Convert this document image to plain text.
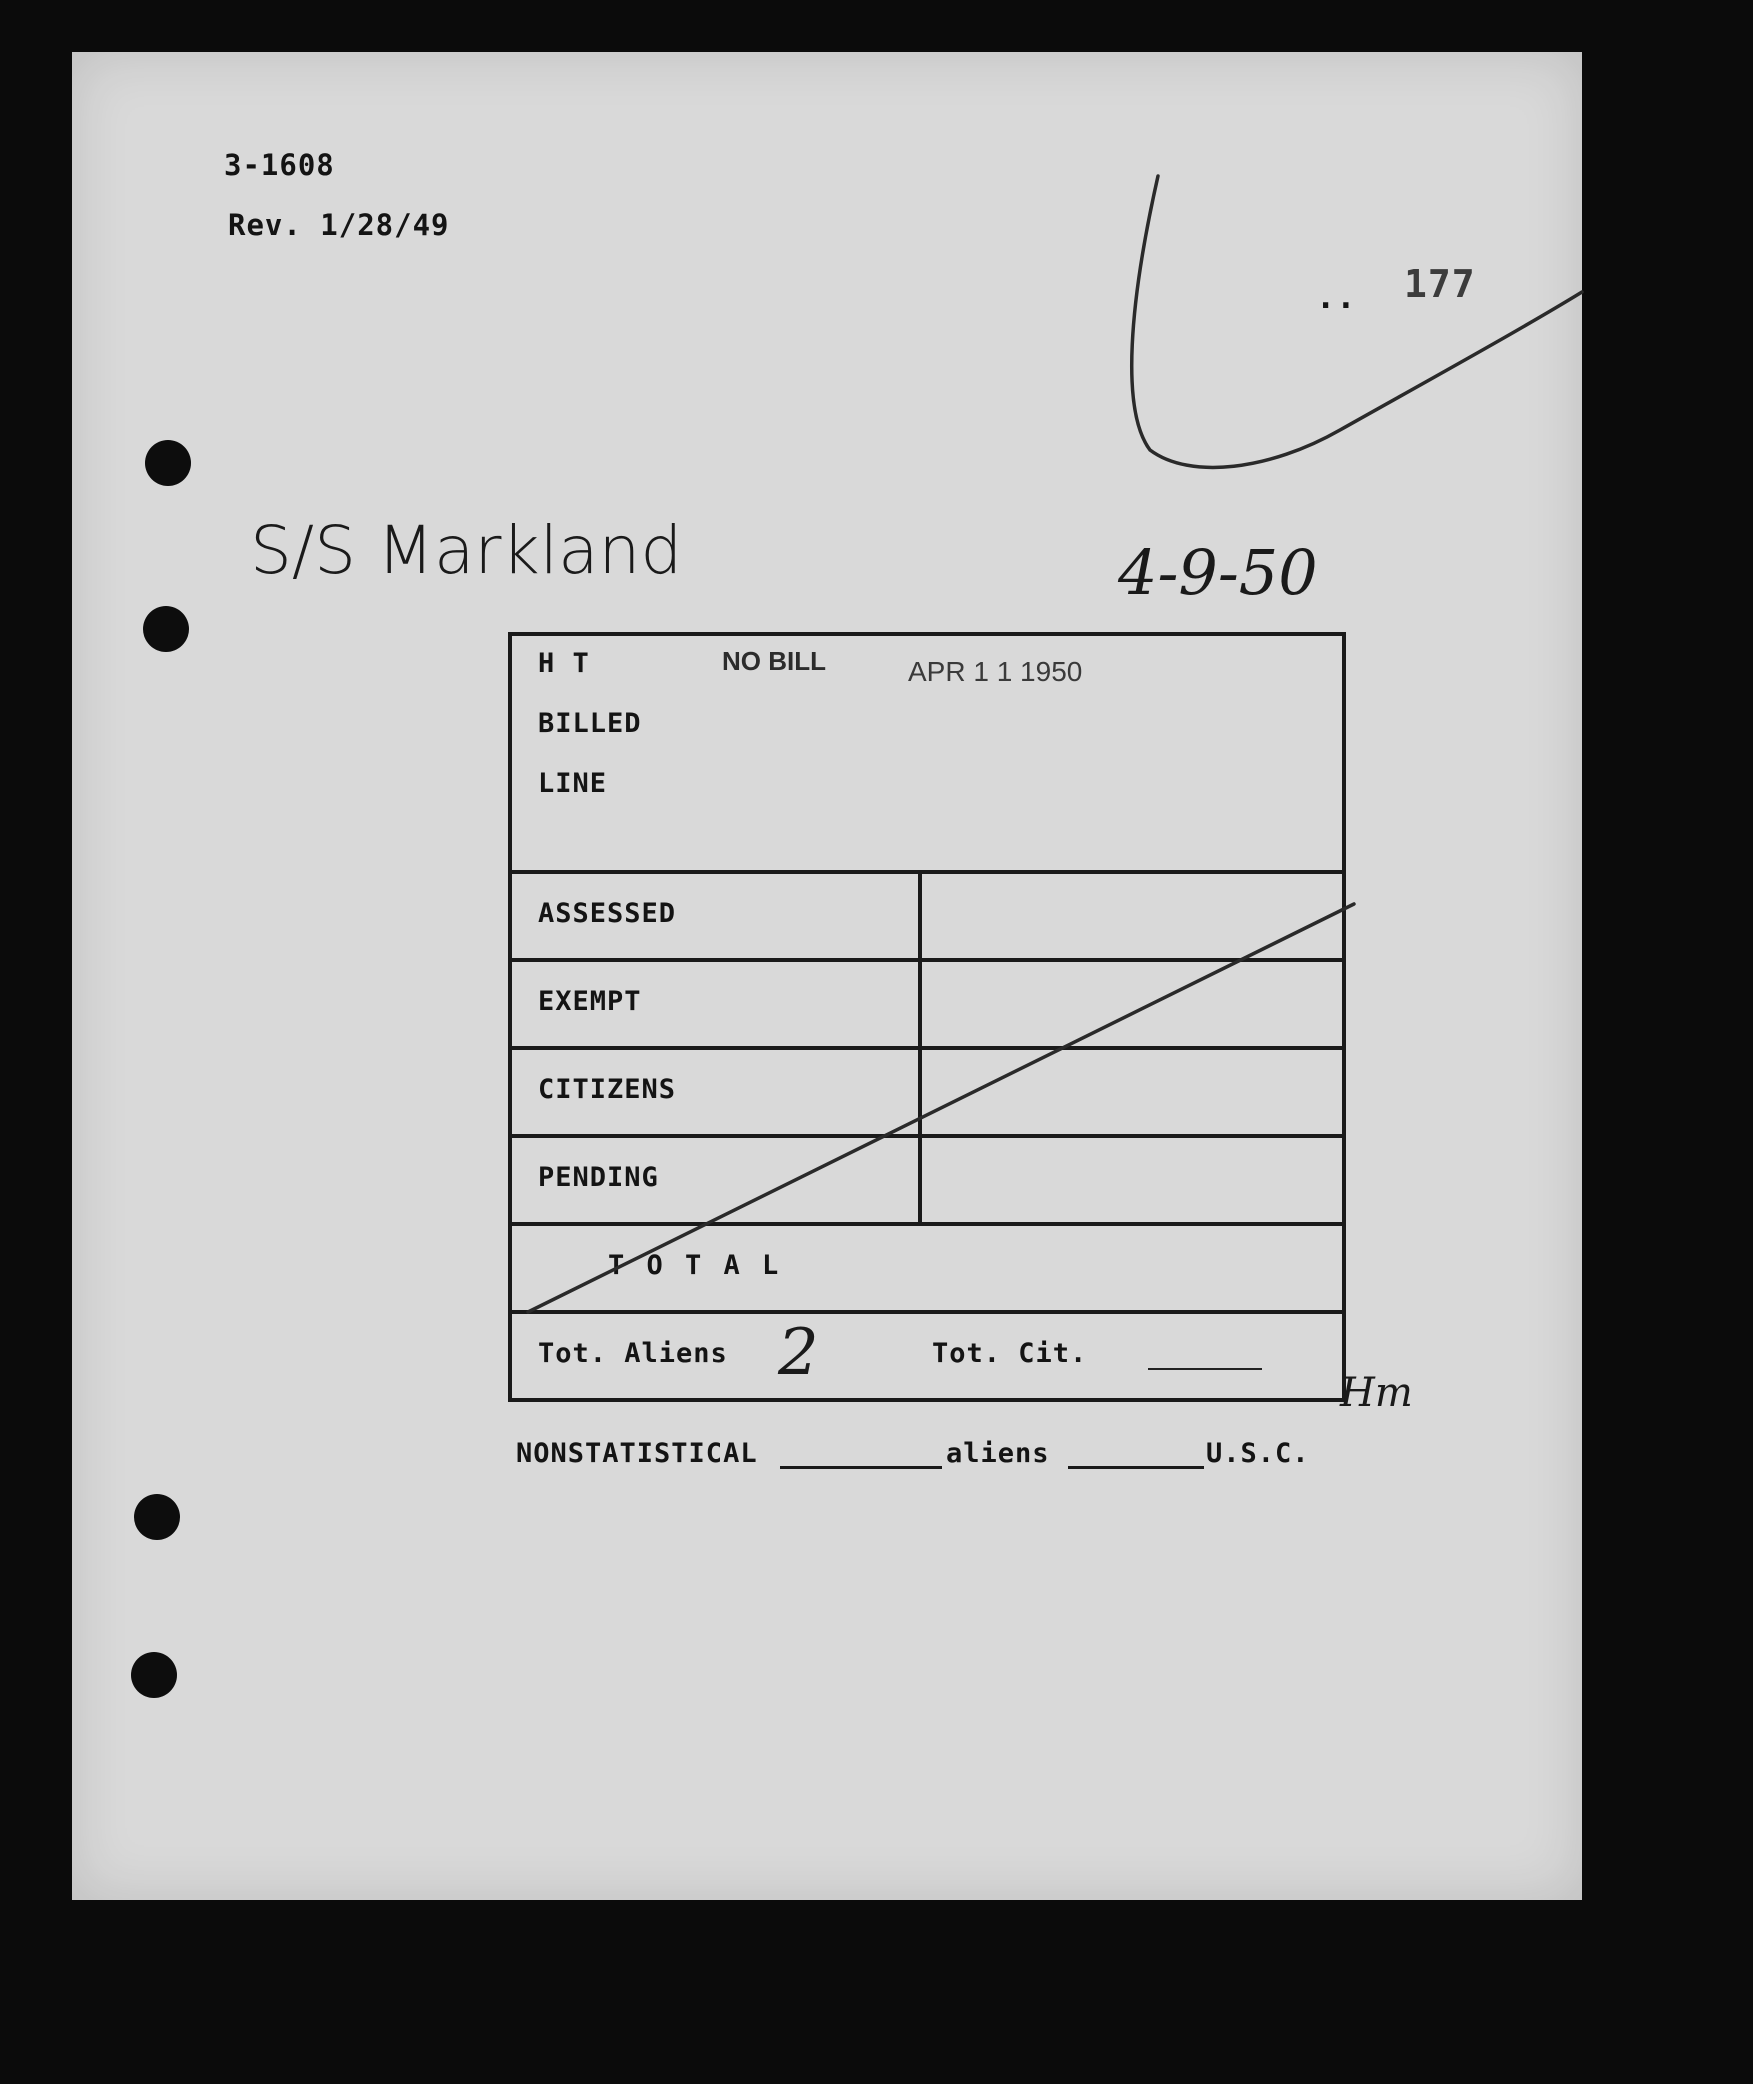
3-1608
Rev. 1/28/49
.. 177
S/S Markland	4-9-50
H T
BILLED
LINE
NO BILL	APR 1 1 1950
ASSESSED
EXEMPT
CITIZENS
PENDING
T O T A L
Tot. Aliens 2	Tot. Cit.
Hm
NONSTATISTICAL	aliens	U.S.C.
